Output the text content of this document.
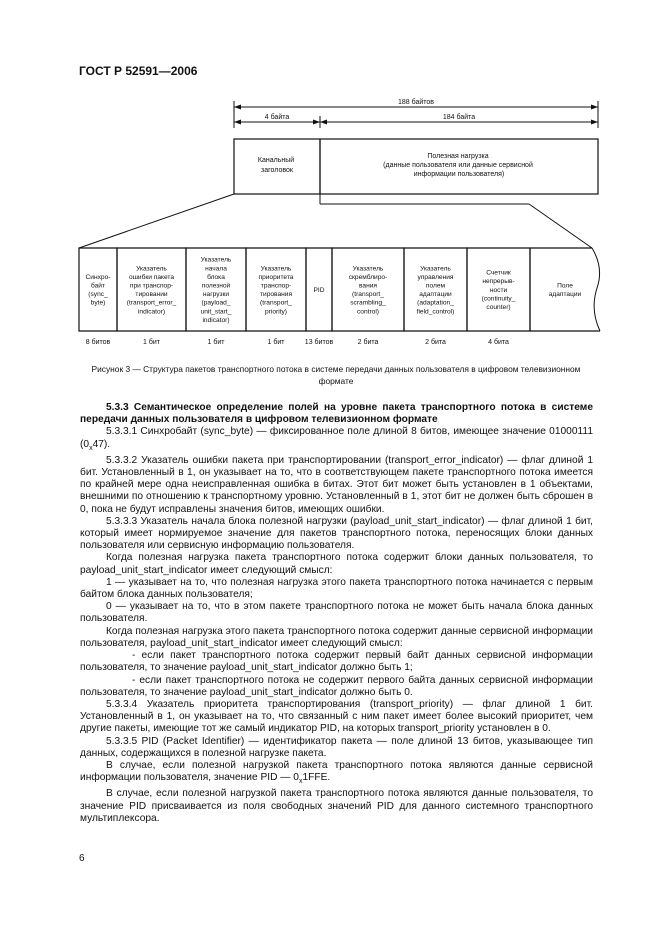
ГОСТ Р 52591—2006
188 байтов
4 байта	184 байта
Канальный заголовок
Полезная нагрузка (данные пользователя или данные сервисной информации пользователя)
Синхро-байт (sync_ byte)
8 битов
Указатель ошибки пакета при транспор-тировании (transport_error_ indicator)
1 бит
Указатель начала блока полезной нагрузки (payload_ unit_start_ indicator)
1 бит
Указатель приоритета транспор-тирования (transport_ priority)
1 бит
PID
13 битов
Указатель скремблиро-вания (transport_ scrambling_ control)
2 бита
Указатель управления полем адаптации (adaptation_ field_control)
2 бита
Счетчик непрерыв-ности (continuity_ counter)
4 бита
Поле адаптации
Рисунок 3 — Структура пакетов транспортного потока в системе передачи данных пользователя в цифровом телевизионном формате
5.3.3 Семантическое определение полей на уровне пакета транспортного потока в системе передачи данных пользователя в цифровом телевизионном формате

5.3.3.1 Синхробайт (sync_byte) — фиксированное поле длиной 8 битов, имеющее значение 01000111 $(0_х47)$.

5.3.3.2 Указатель ошибки пакета при транспортировании (transport_error_indicator) — флаг длиной 1 бит. Установленный в 1, он указывает на то, что в соответствующем пакете транспортного потока имеется по крайней мере одна неисправленная ошибка в битах. Этот бит может быть установлен в 1 объектами, внешними по отношению к транспортному уровню. Установленный в 1, этот бит не должен быть сброшен в 0, пока не будут исправлены значения битов, имеющих ошибки.

5.3.3.3 Указатель начала блока полезной нагрузки (payload_unit_start_indicator) — флаг длиной 1 бит, который имеет нормируемое значение для пакетов транспортного потока, переносящих блоки данных пользователя или сервисную информацию пользователя.

Когда полезная нагрузка пакета транспортного потока содержит блоки данных пользователя, то payload_unit_start_indicator имеет следующий смысл:

1 — указывает на то, что полезная нагрузка этого пакета транспортного потока начинается с первым байтом блока данных пользователя;

0 — указывает на то, что в этом пакете транспортного потока не может быть начала блока данных пользователя.

Когда полезная нагрузка этого пакета транспортного потока содержит данные сервисной информации пользователя, payload_unit_start_indicator имеет следующий смысл:

- если пакет транспортного потока содержит первый байт данных сервисной информации пользователя, то значение payload_unit_start_indicator должно быть 1;

- если пакет транспортного потока не содержит первого байта данных сервисной информации пользователя, то значение payload_unit_start_indicator должно быть 0.

5.3.3.4 Указатель приоритета транспортирования (transport_priority) — флаг длиной 1 бит. Установленный в 1, он указывает на то, что связанный с ним пакет имеет более высокий приоритет, чем другие пакеты, имеющие тот же самый индикатор PID, на которых transport_priority установлен в 0.

5.3.3.5 PID (Packet Identifier) — идентификатор пакета — поле длиной 13 битов, указывающее тип данных, содержащихся в полезной нагрузке пакета.

В случае, если полезной нагрузкой пакета транспортного потока являются данные сервисной информации пользователя, значение PID — $0_х1FFE$.

В случае, если полезной нагрузкой пакета транспортного потока являются данные пользователя, то значение PID присваивается из поля свободных значений PID для данного системного транспортного мультиплексора.

6
